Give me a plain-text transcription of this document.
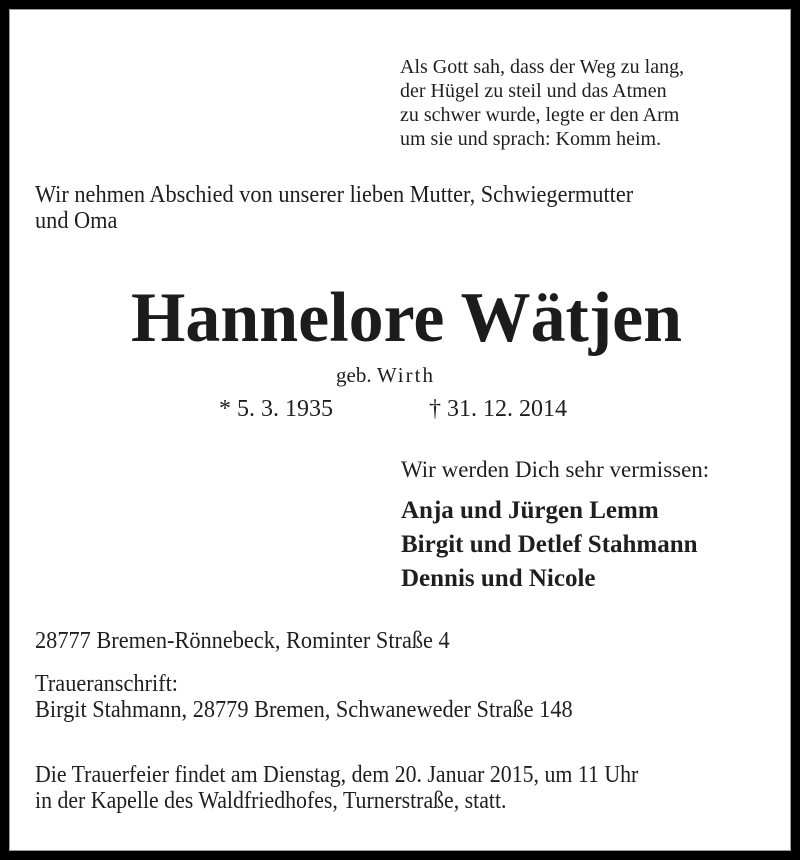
Als Gott sah, dass der Weg zu lang,
der Hügel zu steil und das Atmen
zu schwer wurde, legte er den Arm
um sie und sprach: Komm heim.
Wir nehmen Abschied von unserer lieben Mutter, Schwiegermutter
und Oma
Hannelore Wätjen
geb. Wirth
* 5. 3. 1935	† 31. 12. 2014
Wir werden Dich sehr vermissen:
Anja und Jürgen Lemm
Birgit und Detlef Stahmann
Dennis und Nicole
28777 Bremen-Rönnebeck, Rominter Straße 4
Traueranschrift:
Birgit Stahmann, 28779 Bremen, Schwaneweder Straße 148
Die Trauerfeier findet am Dienstag, dem 20. Januar 2015, um 11 Uhr
in der Kapelle des Waldfriedhofes, Turnerstraße, statt.
